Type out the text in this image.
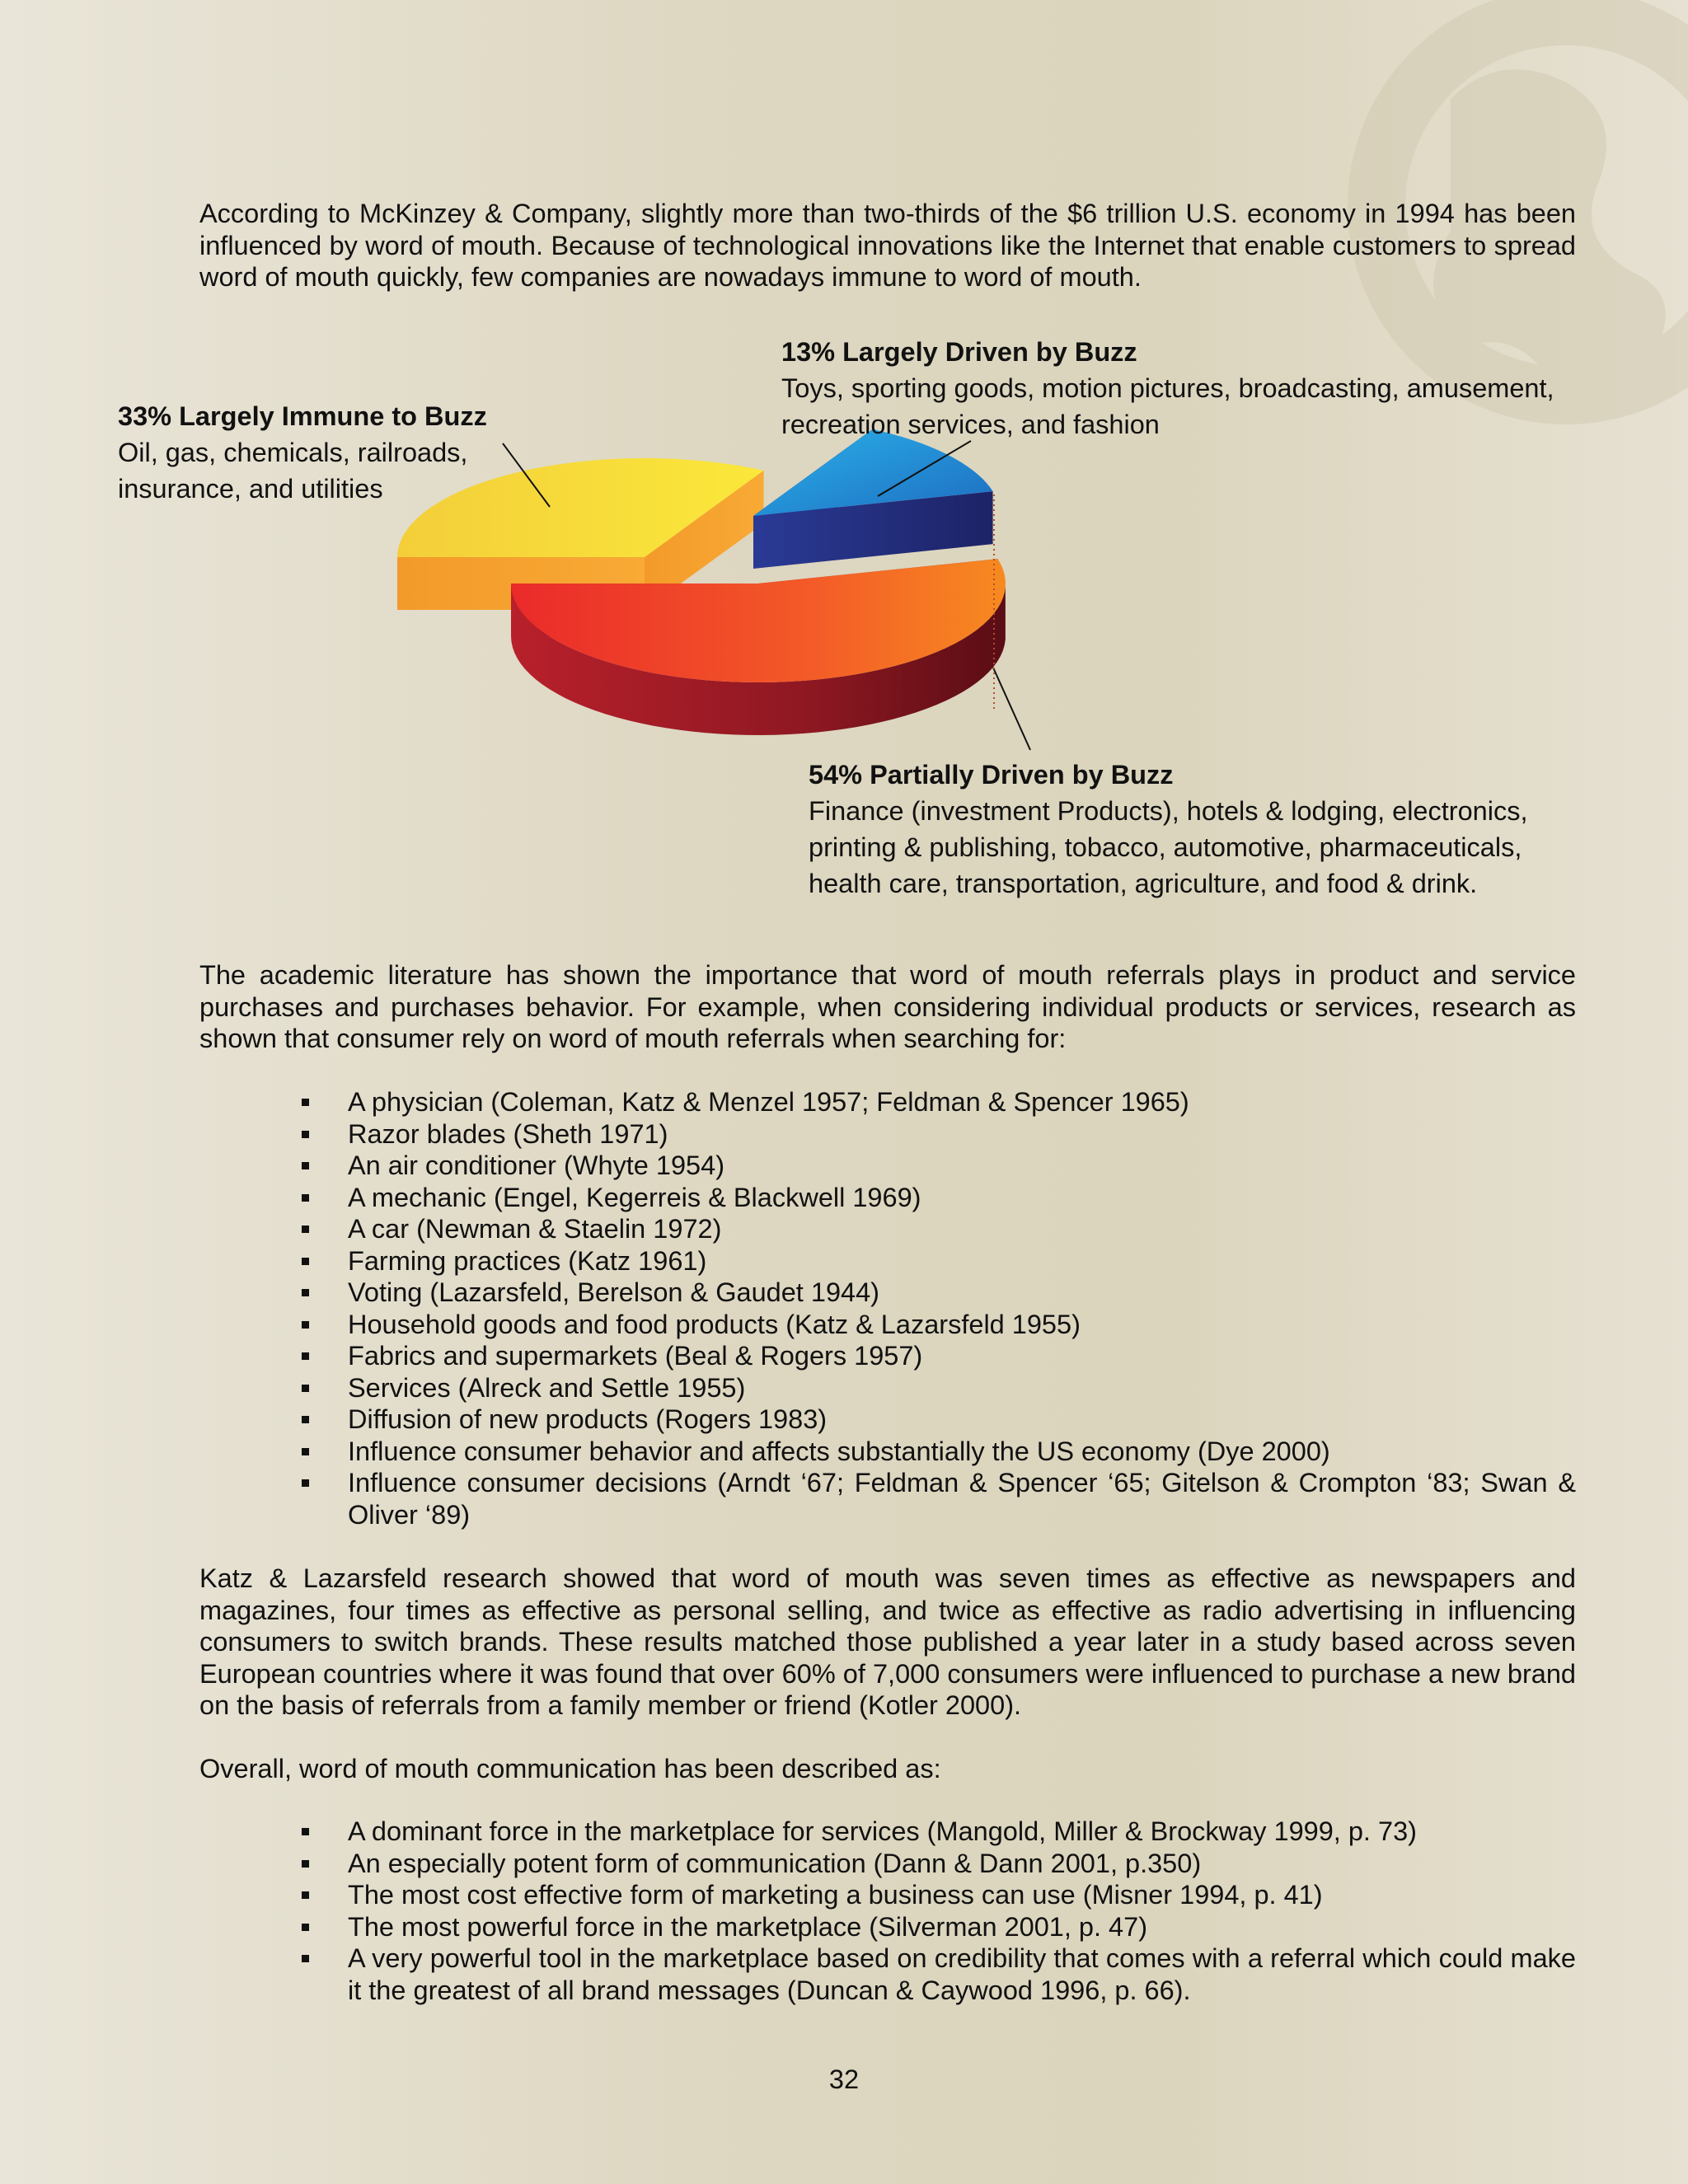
According to McKinzey & Company, slightly more than two-thirds of the $6 trillion U.S. economy in 1994 has been influenced by word of mouth. Because of technological innovations like the Internet that enable customers to spread word of mouth quickly, few companies are nowadays immune to word of mouth.

13% Largely Driven by Buzz
Toys, sporting goods, motion pictures, broadcasting, amusement,
recreation services, and fashion
33% Largely Immune to Buzz
Oil, gas, chemicals, railroads,
insurance, and utilities
54% Partially Driven by Buzz
Finance (investment Products), hotels & lodging, electronics,
printing & publishing, tobacco, automotive, pharmaceuticals,
health care, transportation, agriculture, and food & drink.

The academic literature has shown the importance that word of mouth referrals plays in product and service purchases and purchases behavior. For example, when considering individual products or services, research as shown that consumer rely on word of mouth referrals when searching for:

A physician (Coleman, Katz & Menzel 1957; Feldman & Spencer 1965)
Razor blades (Sheth 1971)
An air conditioner (Whyte 1954)
A mechanic (Engel, Kegerreis & Blackwell 1969)
A car (Newman & Staelin 1972)
Farming practices (Katz 1961)
Voting (Lazarsfeld, Berelson & Gaudet 1944)
Household goods and food products (Katz & Lazarsfeld 1955)
Fabrics and supermarkets (Beal & Rogers 1957)
Services (Alreck and Settle 1955)
Diffusion of new products (Rogers 1983)
Influence consumer behavior and affects substantially the US economy (Dye 2000)
Influence consumer decisions (Arndt ‘67; Feldman & Spencer ‘65; Gitelson & Crompton ‘83; Swan & Oliver ‘89)

Katz & Lazarsfeld research showed that word of mouth was seven times as effective as newspapers and magazines, four times as effective as personal selling, and twice as effective as radio advertising in influencing consumers to switch brands. These results matched those published a year later in a study based across seven European countries where it was found that over 60% of 7,000 consumers were influenced to purchase a new brand on the basis of referrals from a family member or friend (Kotler 2000).

Overall, word of mouth communication has been described as:

A dominant force in the marketplace for services (Mangold, Miller & Brockway 1999, p. 73)
An especially potent form of communication (Dann & Dann 2001, p.350)
The most cost effective form of marketing a business can use (Misner 1994, p. 41)
The most powerful force in the marketplace (Silverman 2001, p. 47)
A very powerful tool in the marketplace based on credibility that comes with a referral which could make it the greatest of all brand messages (Duncan & Caywood 1996, p. 66).
32
